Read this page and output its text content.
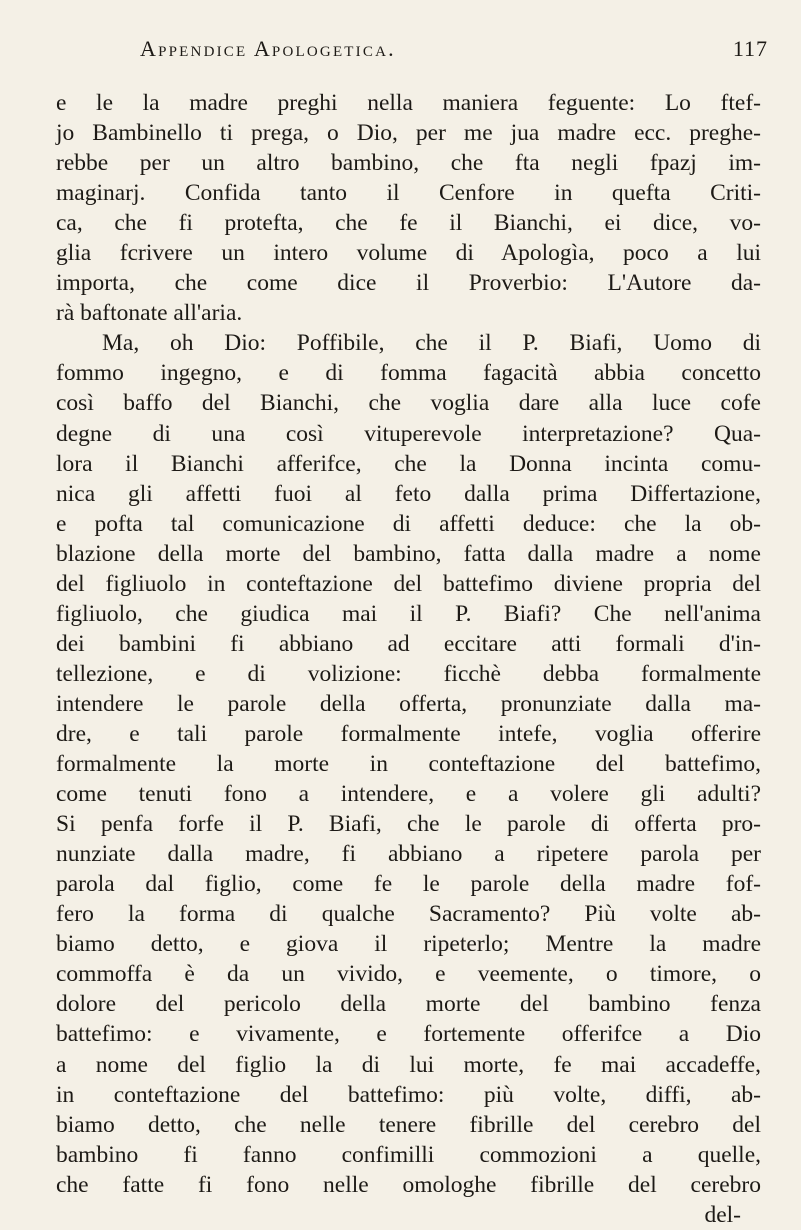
Appendice Apologetica.	117
e le la madre preghi nella maniera feguente: Lo ftef-
jo Bambinello ti prega, o Dio, per me jua madre ecc. preghe-
rebbe per un altro bambino, che fta negli fpazj im-
maginarj. Confida tanto il Cenfore in quefta Criti-
ca, che fi protefta, che fe il Bianchi, ei dice, vo-
glia fcrivere un intero volume di Apologìa, poco a lui
importa, che come dice il Proverbio: L'Autore da-
rà baftonate all'aria.
Ma, oh Dio: Poffibile, che il P. Biafi, Uomo di
fommo ingegno, e di fomma fagacità abbia concetto
così baffo del Bianchi, che voglia dare alla luce cofe
degne di una così vituperevole interpretazione? Qua-
lora il Bianchi afferifce, che la Donna incinta comu-
nica gli affetti fuoi al feto dalla prima Differtazione,
e pofta tal comunicazione di affetti deduce: che la ob-
blazione della morte del bambino, fatta dalla madre a nome
del figliuolo in conteftazione del battefimo diviene propria del
figliuolo, che giudica mai il P. Biafi? Che nell'anima
dei bambini fi abbiano ad eccitare atti formali d'in-
tellezione, e di volizione: ficchè debba formalmente
intendere le parole della offerta, pronunziate dalla ma-
dre, e tali parole formalmente intefe, voglia offerire
formalmente la morte in conteftazione del battefimo,
come tenuti fono a intendere, e a volere gli adulti?
Si penfa forfe il P. Biafi, che le parole di offerta pro-
nunziate dalla madre, fi abbiano a ripetere parola per
parola dal figlio, come fe le parole della madre fof-
fero la forma di qualche Sacramento? Più volte ab-
biamo detto, e giova il ripeterlo; Mentre la madre
commoffa è da un vivido, e veemente, o timore, o
dolore del pericolo della morte del bambino fenza
battefimo: e vivamente, e fortemente offerifce a Dio
a nome del figlio la di lui morte, fe mai accadeffe,
in conteftazione del battefimo: più volte, diffi, ab-
biamo detto, che nelle tenere fibrille del cerebro del
bambino fi fanno confimilli commozioni a quelle,
che fatte fi fono nelle omologhe fibrille del cerebro
del-
